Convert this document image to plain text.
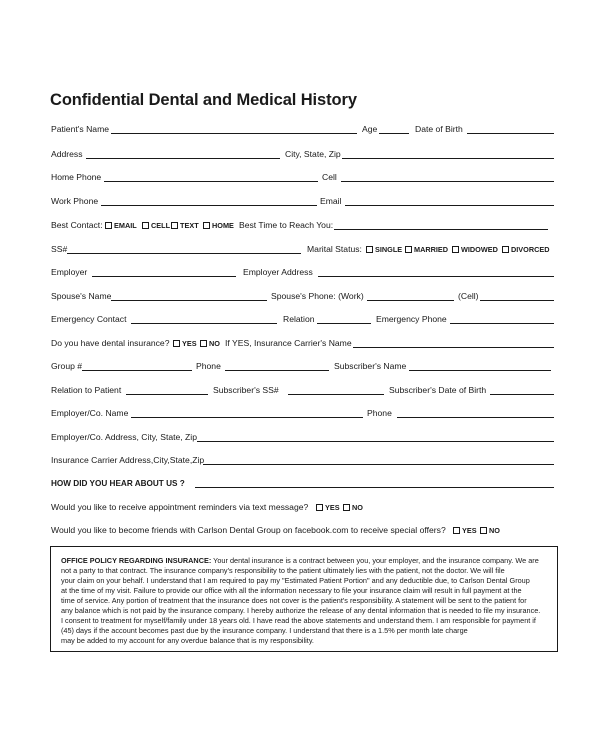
Confidential Dental and Medical History
Patient's Name	Age	Date of Birth
Address	City, State, Zip
Home Phone	Cell
Work Phone	Email
Best Contact:	EMAIL	CELL	TEXT	HOME Best Time to Reach You:
SS#	Marital Status:	SINGLE	MARRIED	WIDOWED	DIVORCED
Employer	Employer Address
Spouse's Name	Spouse's Phone: (Work)	(Cell)
Emergency Contact	Relation	Emergency Phone
Do you have dental insurance?	YES	NO If YES, Insurance Carrier's Name
Group #	Phone	Subscriber's Name
Relation to Patient	Subscriber's SS#	Subscriber's Date of Birth
Employer/Co. Name	Phone
Employer/Co. Address, City, State, Zip
Insurance Carrier Address,City,State,Zip
HOW DID YOU HEAR ABOUT US ?
Would you like to receive appointment reminders via text message?	YES	NO
Would you like to become friends with Carlson Dental Group on facebook.com to receive special offers?	YES	NO
OFFICE POLICY REGARDING INSURANCE: Your dental insurance is a contract between you, your employer, and the insurance company. We are
not a party to that contract. The insurance company's responsibility to the patient ultimately lies with the patient, not the doctor. We will file
your claim on your behalf. I understand that I am required to pay my "Estimated Patient Portion" and any deductible due, to Carlson Dental Group
at the time of my visit. Failure to provide our office with all the information necessary to file your insurance claim will result in full payment at the
time of service. Any portion of treatment that the insurance does not cover is the patient's responsibility. A statement will be sent to the patient for
any balance which is not paid by the insurance company. I hereby authorize the release of any dental information that is needed to file my insurance.
I consent to treatment for myself/family under 18 years old. I have read the above statements and understand them. I am responsible for payment if
(45) days if the account becomes past due by the insurance company. I understand that there is a 1.5% per month late charge
may be added to my account for any overdue balance that is my responsibility.
